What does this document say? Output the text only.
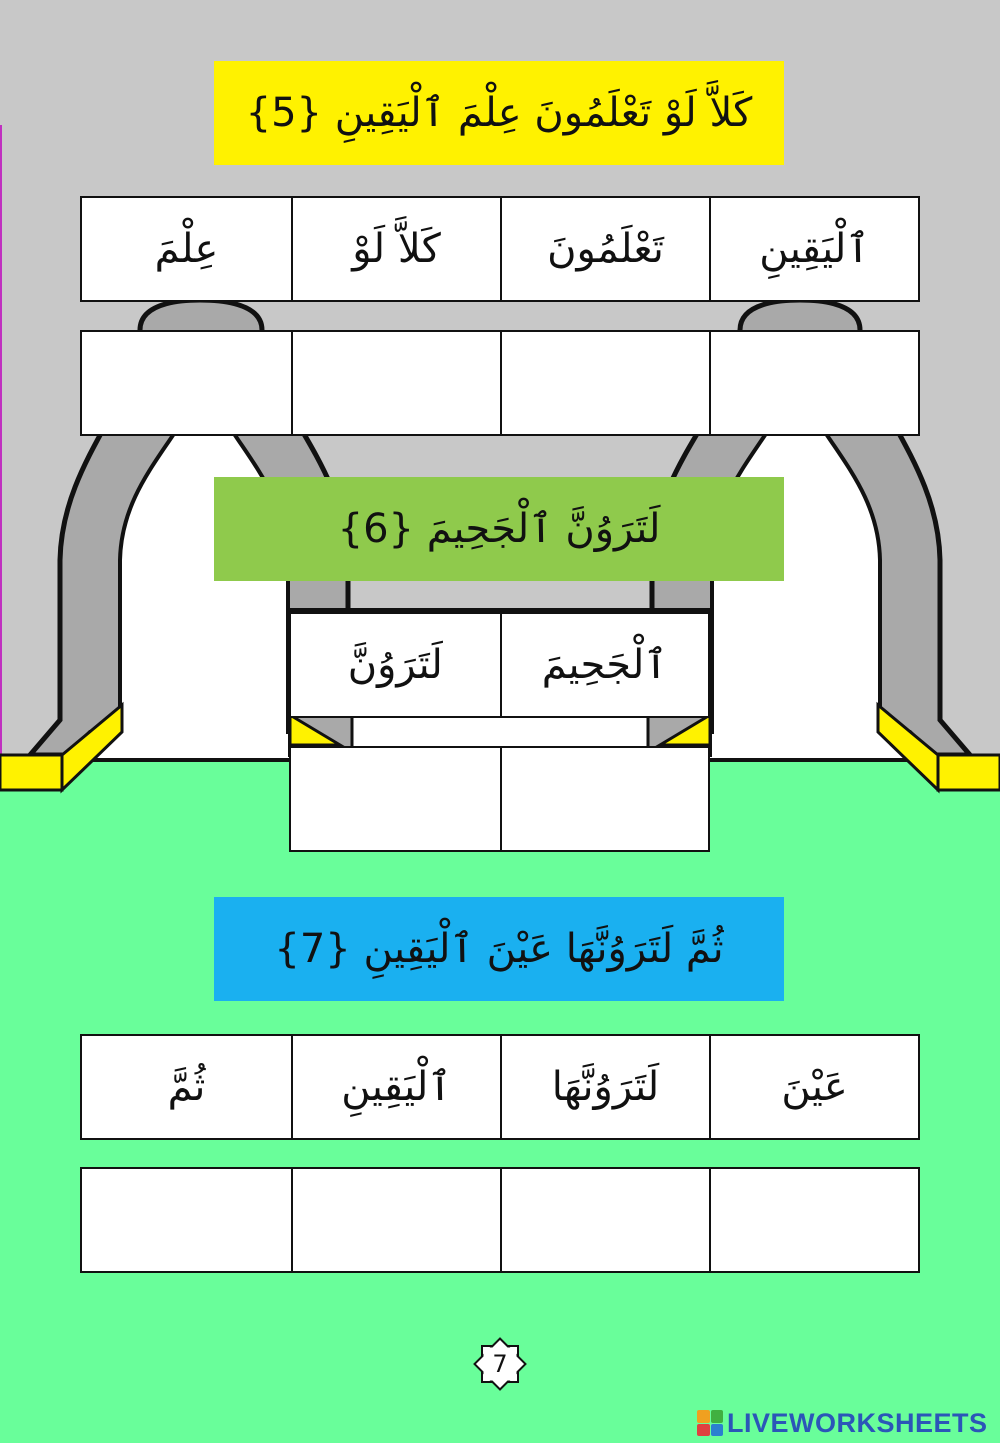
كَلاَّ لَوْ تَعْلَمُونَ عِلْمَ ٱلْيَقِينِ {5}
ٱلْيَقِينِ
تَعْلَمُونَ
كَلاَّ لَوْ
عِلْمَ
لَتَرَوُنَّ ٱلْجَحِيمَ {6}
ٱلْجَحِيمَ
لَتَرَوُنَّ
ثُمَّ لَتَرَوُنَّهَا عَيْنَ ٱلْيَقِينِ {7}
عَيْنَ
لَتَرَوُنَّهَا
ٱلْيَقِينِ
ثُمَّ
7
LIVEWORKSHEETS
